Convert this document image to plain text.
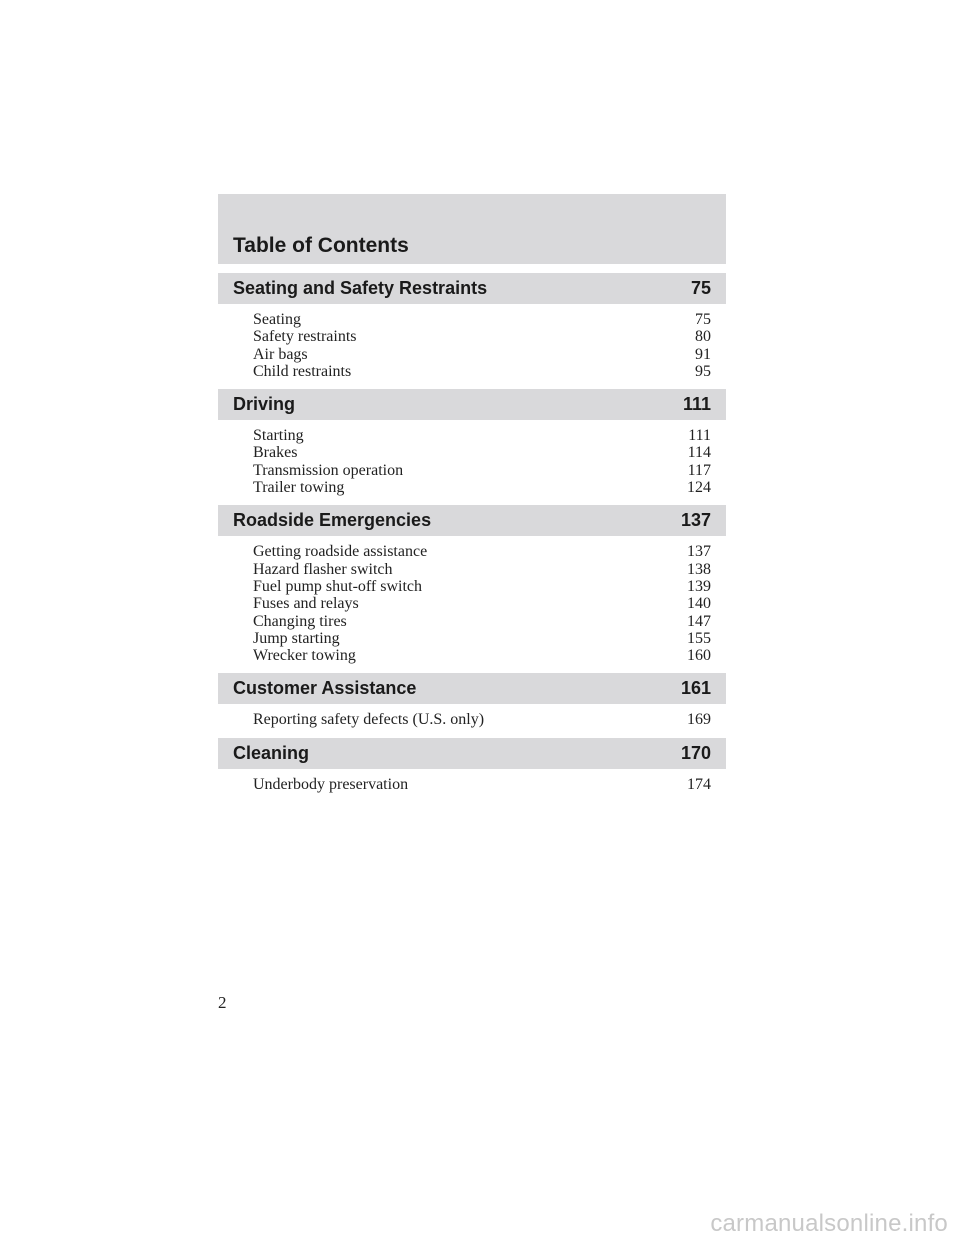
Table of Contents
Seating and Safety Restraints	75
Seating	75
Safety restraints	80
Air bags	91
Child restraints	95
Driving	111
Starting	111
Brakes	114
Transmission operation	117
Trailer towing	124
Roadside Emergencies	137
Getting roadside assistance	137
Hazard flasher switch	138
Fuel pump shut-off switch	139
Fuses and relays	140
Changing tires	147
Jump starting	155
Wrecker towing	160
Customer Assistance	161
Reporting safety defects (U.S. only)	169
Cleaning	170
Underbody preservation	174
2
carmanualsonline.info
